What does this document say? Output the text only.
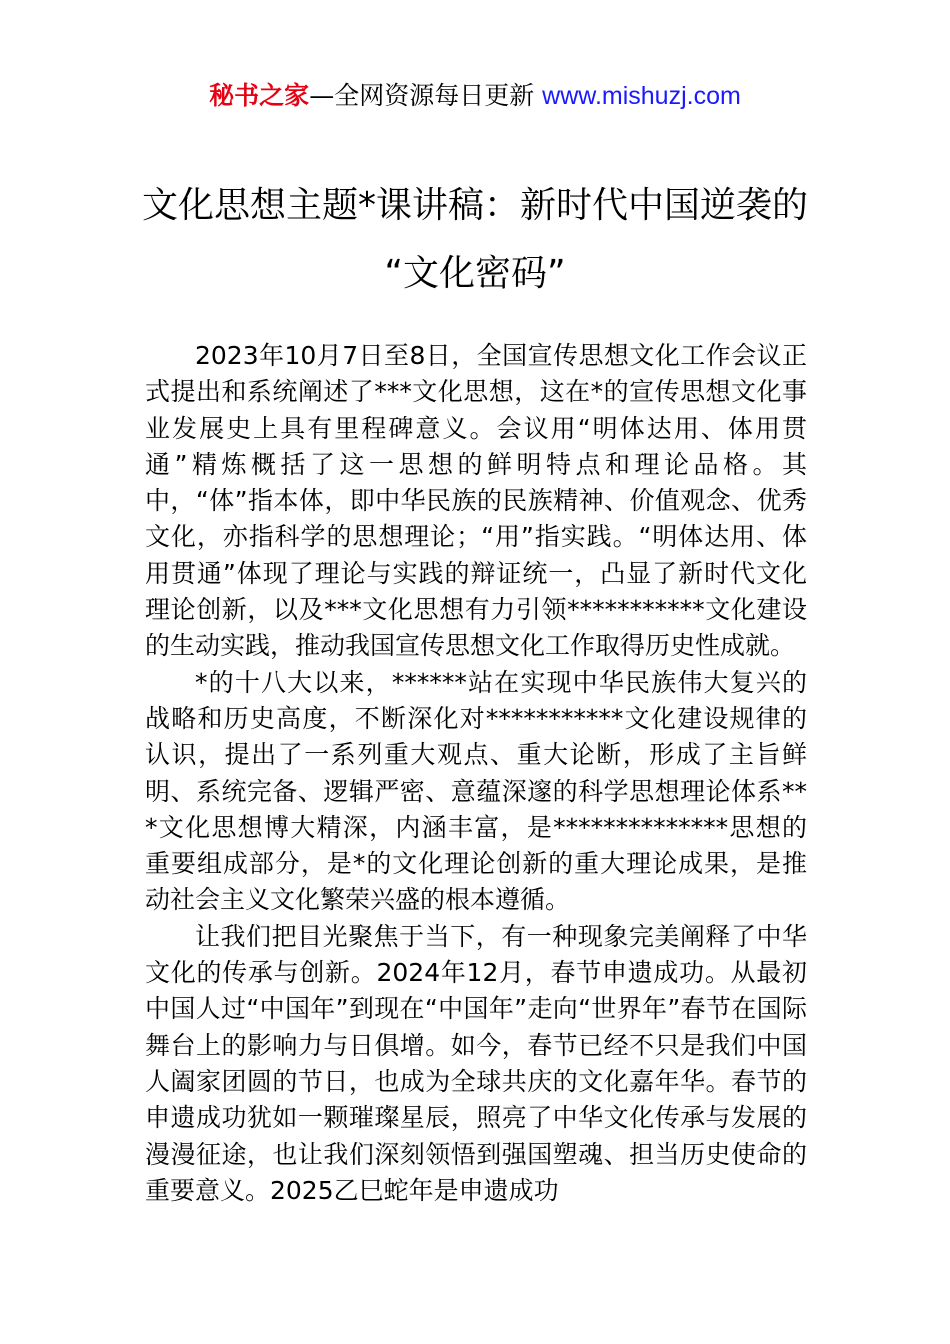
秘书之家—全网资源每日更新 www.mishuzj.com
文化思想主题*课讲稿：新时代中国逆袭的
“文化密码”

2023年10月7日至8日，全国宣传思想文化工作会议正式提出和系统阐述了***文化思想，这在*的宣传思想文化事业发展史上具有里程碑意义。会议用“明体达用、体用贯通”精炼概括了这一思想的鲜明特点和理论品格。其中，“体”指本体，即中华民族的民族精神、价值观念、优秀文化，亦指科学的思想理论；“用”指实践。“明体达用、体用贯通”体现了理论与实践的辩证统一，凸显了新时代文化理论创新，以及***文化思想有力引领***********文化建设的生动实践，推动我国宣传思想文化工作取得历史性成就。

*的十八大以来，******站在实现中华民族伟大复兴的战略和历史高度，不断深化对***********文化建设规律的认识，提出了一系列重大观点、重大论断，形成了主旨鲜明、系统完备、逻辑严密、意蕴深邃的科学思想理论体系***文化思想博大精深，内涵丰富，是**************思想的重要组成部分，是*的文化理论创新的重大理论成果，是推动社会主义文化繁荣兴盛的根本遵循。

让我们把目光聚焦于当下，有一种现象完美阐释了中华文化的传承与创新。2024年12月，春节申遗成功。从最初中国人过“中国年”到现在“中国年”走向“世界年”春节在国际舞台上的影响力与日俱增。如今，春节已经不只是我们中国人阖家团圆的节日，也成为全球共庆的文化嘉年华。春节的申遗成功犹如一颗璀璨星辰，照亮了中华文化传承与发展的漫漫征途，也让我们深刻领悟到强国塑魂、担当历史使命的重要意义。2025乙巳蛇年是申遗成功
